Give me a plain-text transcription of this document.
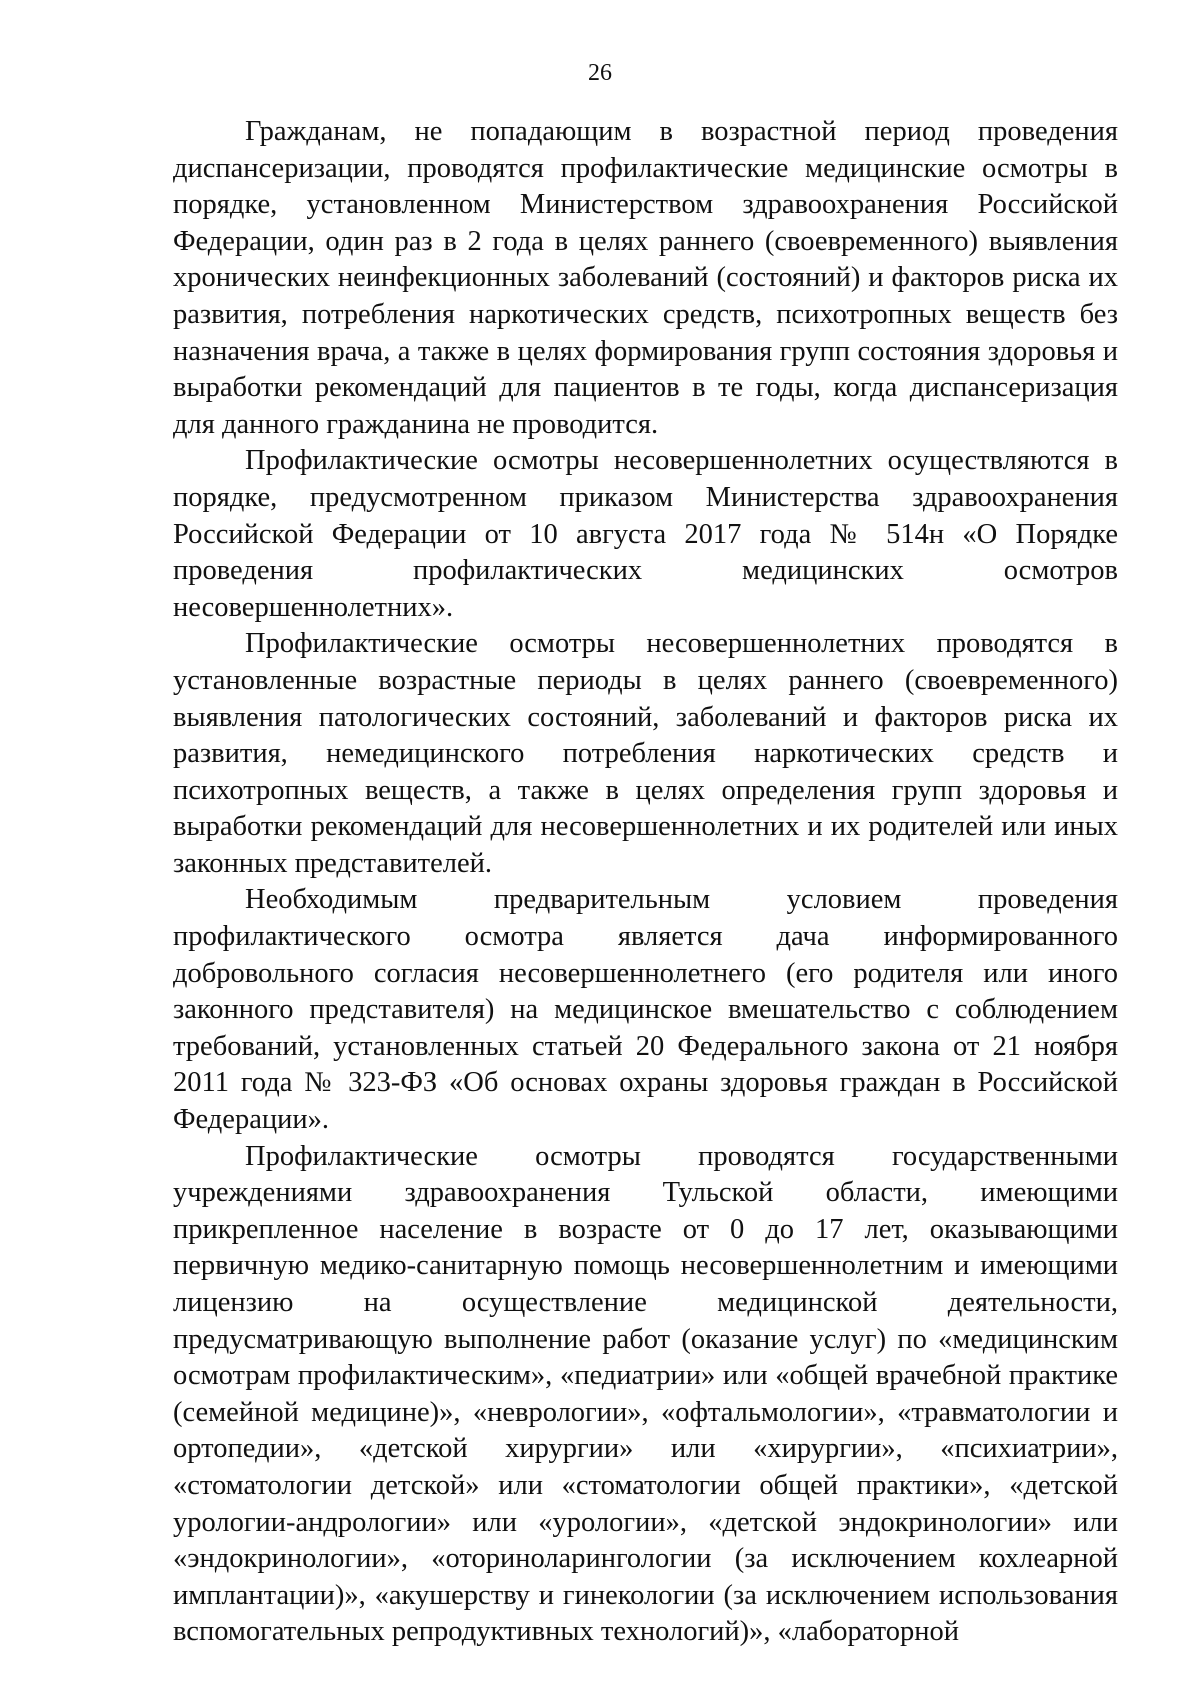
26

Гражданам, не попадающим в возрастной период проведения диспансеризации, проводятся профилактические медицинские осмотры в порядке, установленном Министерством здравоохранения Российской Федерации, один раз в 2 года в целях раннего (своевременного) выявления хронических неинфекционных заболеваний (состояний) и факторов риска их развития, потребления наркотических средств, психотропных веществ без назначения врача, а также в целях формирования групп состояния здоровья и выработки рекомендаций для пациентов в те годы, когда диспансеризация для данного гражданина не проводится.

Профилактические осмотры несовершеннолетних осуществляются в порядке, предусмотренном приказом Министерства здравоохранения Российской Федерации от 10 августа 2017 года № 514н «О Порядке проведения профилактических медицинских осмотров несовершеннолетних».

Профилактические осмотры несовершеннолетних проводятся в установленные возрастные периоды в целях раннего (своевременного) выявления патологических состояний, заболеваний и факторов риска их развития, немедицинского потребления наркотических средств и психотропных веществ, а также в целях определения групп здоровья и выработки рекомендаций для несовершеннолетних и их родителей или иных законных представителей.

Необходимым предварительным условием проведения профилактического осмотра является дача информированного добровольного согласия несовершеннолетнего (его родителя или иного законного представителя) на медицинское вмешательство с соблюдением требований, установленных статьей 20 Федерального закона от 21 ноября 2011 года № 323-ФЗ «Об основах охраны здоровья граждан в Российской Федерации».

Профилактические осмотры проводятся государственными учреждениями здравоохранения Тульской области, имеющими прикрепленное население в возрасте от 0 до 17 лет, оказывающими первичную медико-санитарную помощь несовершеннолетним и имеющими лицензию на осуществление медицинской деятельности, предусматривающую выполнение работ (оказание услуг) по «медицинским осмотрам профилактическим», «педиатрии» или «общей врачебной практике (семейной медицине)», «неврологии», «офтальмологии», «травматологии и ортопедии», «детской хирургии» или «хирургии», «психиатрии», «стоматологии детской» или «стоматологии общей практики», «детской урологии-андрологии» или «урологии», «детской эндокринологии» или «эндокринологии», «оториноларингологии (за исключением кохлеарной имплантации)», «акушерству и гинекологии (за исключением использования вспомогательных репродуктивных технологий)», «лабораторной
